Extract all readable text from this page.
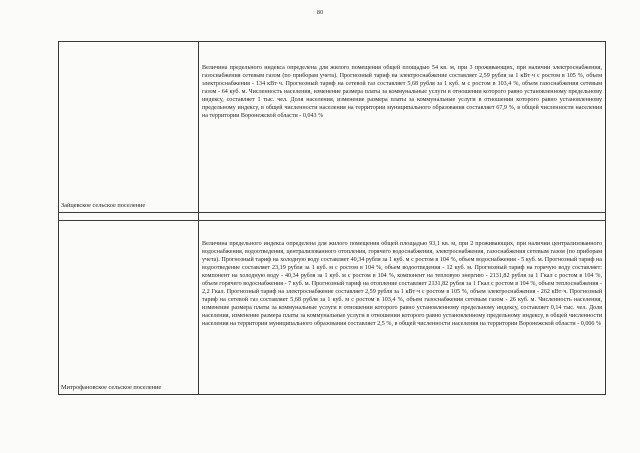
80
Зайцевское сельское поселение	Величина предельного индекса определена для жилого помещения общей площадью 54 кв. м, при 3 проживающих, при наличии электроснабжения, газоснабжения сетевым газом (по приборам учета). Прогнозный тариф на электроснабжение составляет 2,59 рубля за 1 кВт·ч с ростом в 105 %, объем электроснабжения - 134 кВт·ч. Прогнозный тариф на сетевой газ составляет 5,68 рубля за 1 куб. м с ростом в 103,4 %, объем газоснабжения сетевым газом - 64 куб. м. Численность населения, изменение размера платы за коммунальные услуги в отношении которого равно установленному предельному индексу, составляет 1 тыс. чел. Доля населения, изменение размера платы за коммунальные услуги в отношении которого равно установленному предельному индексу, в общей численности населения на территории муниципального образования составляет 67,9 %, в общей численности населения на территории Воронежской области - 0,043 %

Митрофановское сельское поселение	Величина предельного индекса определена для жилого помещения общей площадью 93,1 кв. м, при 2 проживающих, при наличии централизованного водоснабжения, водоотведения, централизованного отопления, горячего водоснабжения, электроснабжения, газоснабжения сетевым газом (по приборам учета). Прогнозный тариф на холодную воду составляет 40,34 рубля за 1 куб. м с ростом в 104 %, объем водоснабжения - 5 куб. м. Прогнозный тариф на водоотведение составляет 23,19 рубля за 1 куб. м с ростом в 104 %, объем водоотведения - 12 куб. м. Прогнозный тариф на горячую воду составляет: компонент на холодную воду - 40,34 рубля за 1 куб. м с ростом в 104 %, компонент на тепловую энергию - 2131,82 рубля за 1 Гкал с ростом в 104 %, объем горячего водоснабжения - 7 куб. м. Прогнозный тариф на отопление составляет 2131,82 рубля за 1 Гкал с ростом в 104 %, объем теплоснабжения - 2,2 Гкал. Прогнозный тариф на электроснабжение составляет 2,59 рубля за 1 кВт·ч с ростом в 105 %, объем электроснабжения - 262 кВт·ч. Прогнозный тариф на сетевой газ составляет 5,68 рубля за 1 куб. м с ростом в 103,4 %, объем газоснабжения сетевым газом - 26 куб. м. Численность населения, изменение размера платы за коммунальные услуги в отношении которого равно установленному предельному индексу, составляет 0,14 тыс. чел. Доля населения, изменение размера платы за коммунальные услуги в отношении которого равно установленному предельному индексу, в общей численности населения на территории муниципального образования составляет 2,5 %, в общей численности населения на территории Воронежской области - 0,006 %
